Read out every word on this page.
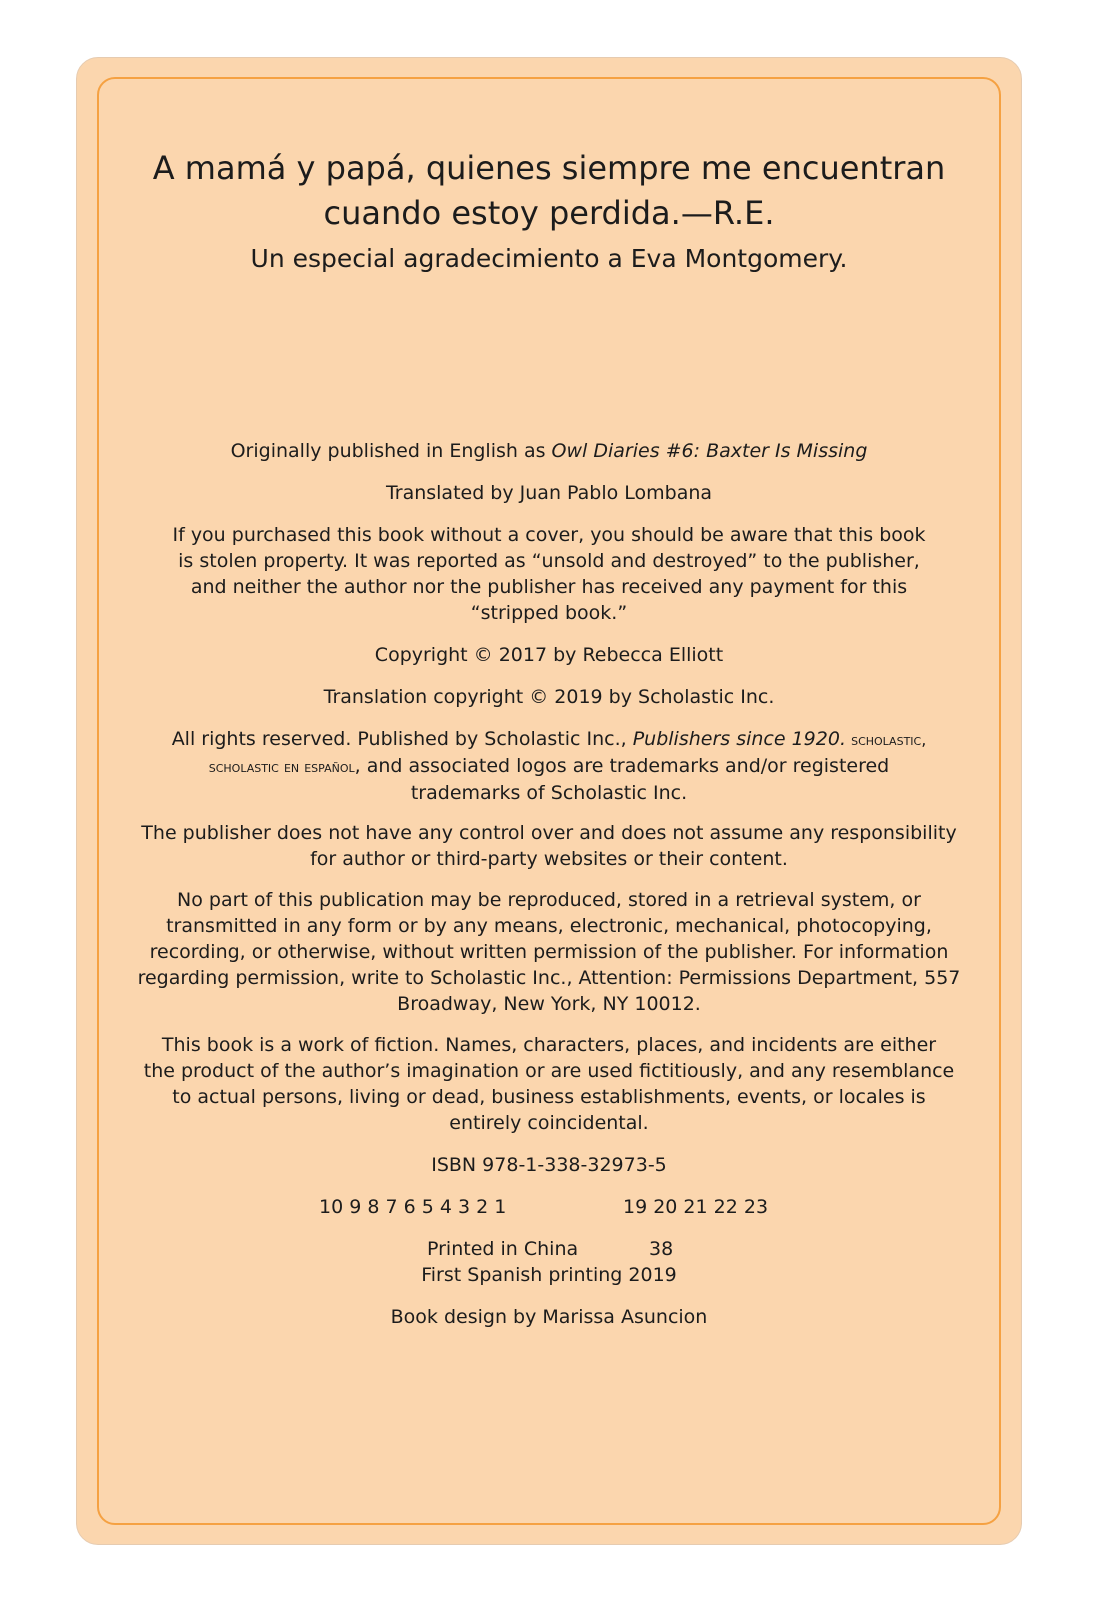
A mamá y papá, quienes siempre me encuentran
cuando estoy perdida.—R.E.
Un especial agradecimiento a Eva Montgomery.
Originally published in English as Owl Diaries #6: Baxter Is Missing
Translated by Juan Pablo Lombana
If you purchased this book without a cover, you should be aware that this book
is stolen property. It was reported as “unsold and destroyed” to the publisher,
and neither the author nor the publisher has received any payment for this
“stripped book.”
Copyright © 2017 by Rebecca Elliott
Translation copyright © 2019 by Scholastic Inc.
All rights reserved. Published by Scholastic Inc., Publishers since 1920. scholastic,
scholastic en español, and associated logos are trademarks and/or registered
trademarks of Scholastic Inc.
The publisher does not have any control over and does not assume any responsibility
for author or third-party websites or their content.
No part of this publication may be reproduced, stored in a retrieval system, or
transmitted in any form or by any means, electronic, mechanical, photocopying,
recording, or otherwise, without written permission of the publisher. For information
regarding permission, write to Scholastic Inc., Attention: Permissions Department, 557
Broadway, New York, NY 10012.
This book is a work of fiction. Names, characters, places, and incidents are either
the product of the author’s imagination or are used fictitiously, and any resemblance
to actual persons, living or dead, business establishments, events, or locales is
entirely coincidental.
ISBN 978-1-338-32973-5
10 9 8 7 6 5 4 3 2 1	19 20 21 22 23
Printed in China	38
First Spanish printing 2019
Book design by Marissa Asuncion
